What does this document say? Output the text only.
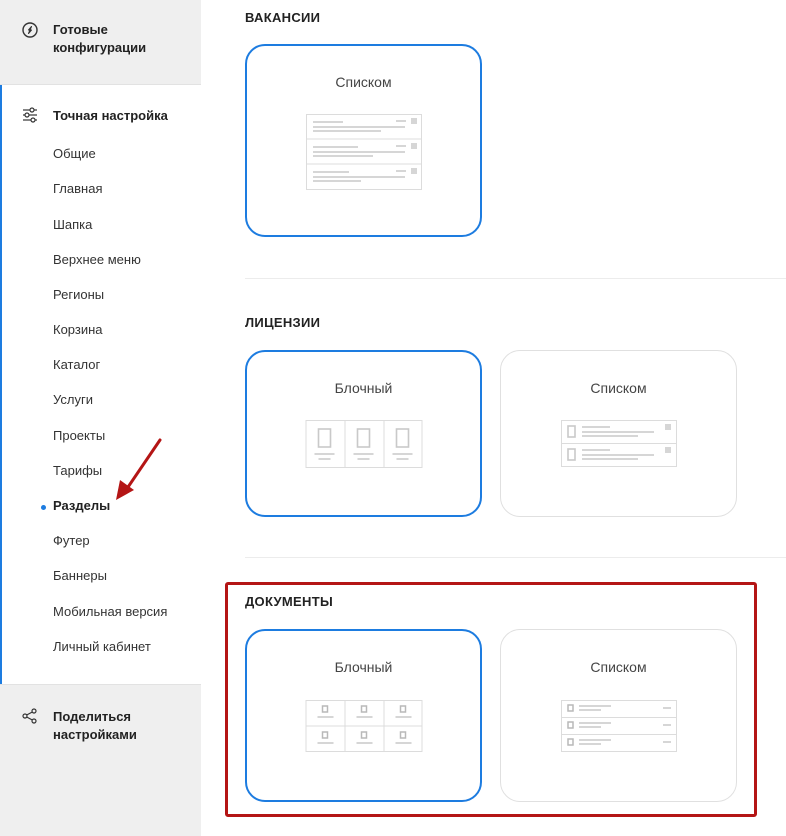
Готовые
конфигурации
Точная настройка
Общие
Главная
Шапка
Верхнее меню
Регионы
Корзина
Каталог
Услуги
Проекты
Тарифы
Разделы
Футер
Баннеры
Мобильная версия
Личный кабинет
Поделиться
настройками
ВАКАНСИИ
Списком
ЛИЦЕНЗИИ
Блочный	Списком
ДОКУМЕНТЫ
Блочный	Списком
